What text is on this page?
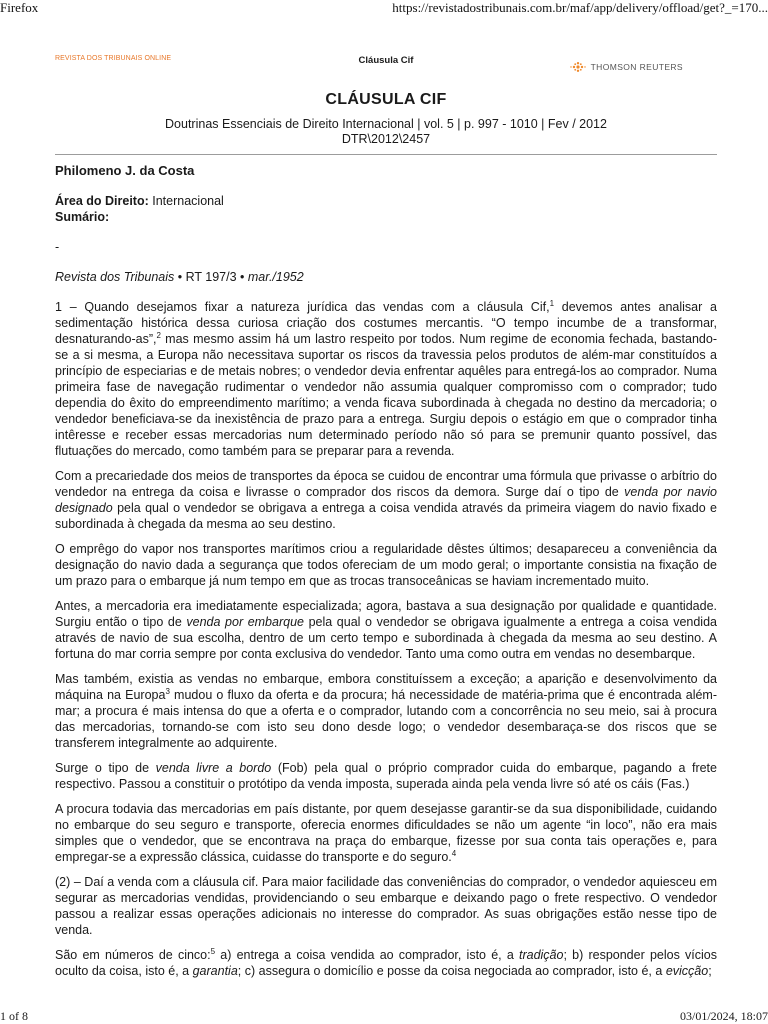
Firefox	https://revistadostribunais.com.br/maf/app/delivery/offload/get?_=170...
REVISTA DOS TRIBUNAIS ONLINE	Cláusula Cif
THOMSON REUTERS
CLÁUSULA CIF
Doutrinas Essenciais de Direito Internacional | vol. 5 | p. 997 - 1010 | Fev / 2012
DTR\2012\2457
Philomeno J. da Costa
Área do Direito: Internacional
Sumário:
-
Revista dos Tribunais • RT 197/3 • mar./1952

1 – Quando desejamos fixar a natureza jurídica das vendas com a cláusula Cif,$^1$ devemos antes analisar a sedimentação histórica dessa curiosa criação dos costumes mercantis. “O tempo incumbe de a transformar, desnaturando-as”,$^2$ mas mesmo assim há um lastro respeito por todos. Num regime de economia fechada, bastando-se a si mesma, a Europa não necessitava suportar os riscos da travessia pelos produtos de além-mar constituídos a princípio de especiarias e de metais nobres; o vendedor devia enfrentar aquêles para entregá-los ao comprador. Numa primeira fase de navegação rudimentar o vendedor não assumia qualquer compromisso com o comprador; tudo dependia do êxito do empreendimento marítimo; a venda ficava subordinada à chegada no destino da mercadoria; o vendedor beneficiava-se da inexistência de prazo para a entrega. Surgiu depois o estágio em que o comprador tinha intêresse e receber essas mercadorias num determinado período não só para se premunir quanto possível, das flutuações do mercado, como também para se preparar para a revenda.

Com a precariedade dos meios de transportes da época se cuidou de encontrar uma fórmula que privasse o arbítrio do vendedor na entrega da coisa e livrasse o comprador dos riscos da demora. Surge daí o tipo de venda por navio designado pela qual o vendedor se obrigava a entrega a coisa vendida através da primeira viagem do navio fixado e subordinada à chegada da mesma ao seu destino.

O emprêgo do vapor nos transportes marítimos criou a regularidade dêstes últimos; desapareceu a conveniência da designação do navio dada a segurança que todos ofereciam de um modo geral; o importante consistia na fixação de um prazo para o embarque já num tempo em que as trocas transoceânicas se haviam incrementado muito.

Antes, a mercadoria era imediatamente especializada; agora, bastava a sua designação por qualidade e quantidade. Surgiu então o tipo de venda por embarque pela qual o vendedor se obrigava igualmente a entrega a coisa vendida através de navio de sua escolha, dentro de um certo tempo e subordinada à chegada da mesma ao seu destino. A fortuna do mar corria sempre por conta exclusiva do vendedor. Tanto uma como outra em vendas no desembarque.

Mas também, existia as vendas no embarque, embora constituíssem a exceção; a aparição e desenvolvimento da máquina na Europa$^3$ mudou o fluxo da oferta e da procura; há necessidade de matéria-prima que é encontrada além-mar; a procura é mais intensa do que a oferta e o comprador, lutando com a concorrência no seu meio, sai à procura das mercadorias, tornando-se com isto seu dono desde logo; o vendedor desembaraça-se dos riscos que se transferem integralmente ao adquirente.

Surge o tipo de venda livre a bordo (Fob) pela qual o próprio comprador cuida do embarque, pagando a frete respectivo. Passou a constituir o protótipo da venda imposta, superada ainda pela venda livre só até os cáis (Fas.)

A procura todavia das mercadorias em país distante, por quem desejasse garantir-se da sua disponibilidade, cuidando no embarque do seu seguro e transporte, oferecia enormes dificuldades se não um agente “in loco”, não era mais simples que o vendedor, que se encontrava na praça do embarque, fizesse por sua conta tais operações e, para empregar-se a expressão clássica, cuidasse do transporte e do seguro.$^4$

(2) – Daí a venda com a cláusula cif. Para maior facilidade das conveniências do comprador, o vendedor aquiesceu em segurar as mercadorias vendidas, providenciando o seu embarque e deixando pago o frete respectivo. O vendedor passou a realizar essas operações adicionais no interesse do comprador. As suas obrigações estão nesse tipo de venda.

São em números de cinco:$^5$ a) entrega a coisa vendida ao comprador, isto é, a tradição; b) responder pelos vícios oculto da coisa, isto é, a garantia; c) assegura o domicílio e posse da coisa negociada ao comprador, isto é, a evicção;

1 of 8	03/01/2024, 18:07
